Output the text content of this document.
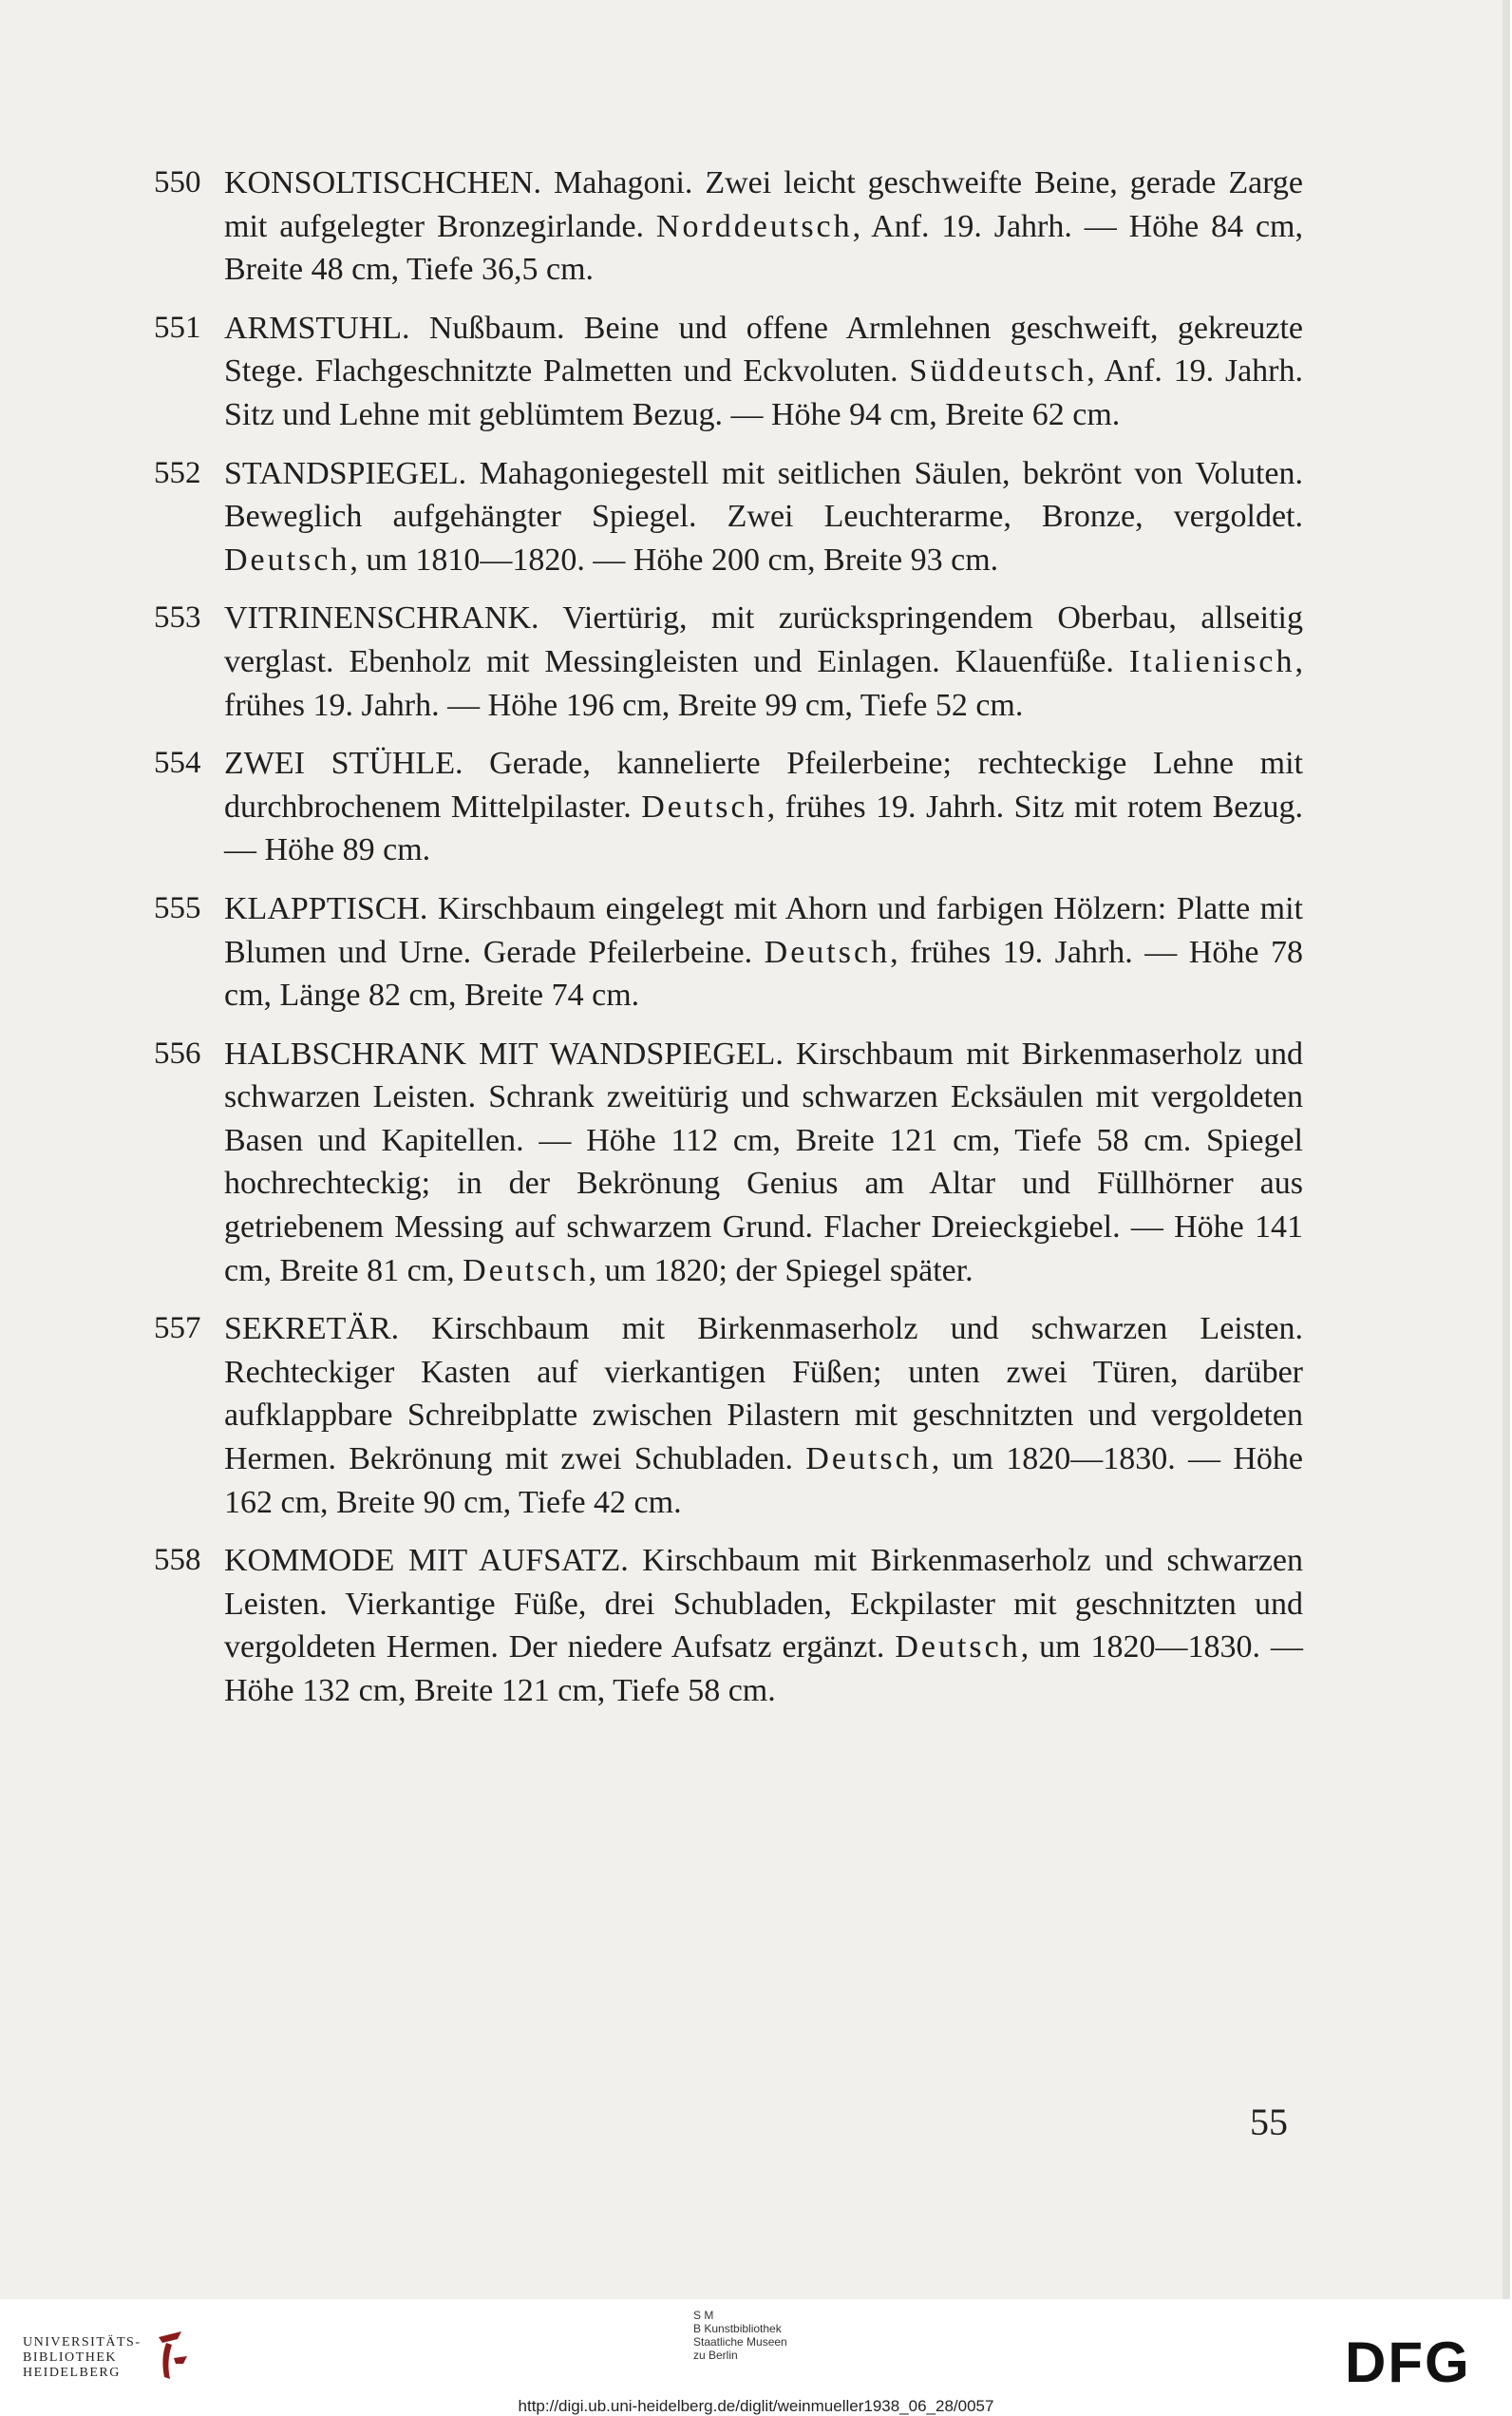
550 KONSOLTISCHCHEN. Mahagoni. Zwei leicht geschweifte Beine, gerade Zarge mit aufgelegter Bronzegirlande. Norddeutsch, Anf. 19. Jahrh. — Höhe 84 cm, Breite 48 cm, Tiefe 36,5 cm.
551 ARMSTUHL. Nußbaum. Beine und offene Armlehnen geschweift, gekreuzte Stege. Flachgeschnitzte Palmetten und Eckvoluten. Süddeutsch, Anf. 19. Jahrh. Sitz und Lehne mit geblümtem Bezug. — Höhe 94 cm, Breite 62 cm.
552 STANDSPIEGEL. Mahagoniegestell mit seitlichen Säulen, bekrönt von Voluten. Beweglich aufgehängter Spiegel. Zwei Leuchterarme, Bronze, vergoldet. Deutsch, um 1810—1820. — Höhe 200 cm, Breite 93 cm.
553 VITRINENSCHRANK. Viertürig, mit zurückspringendem Oberbau, allseitig verglast. Ebenholz mit Messingleisten und Einlagen. Klauenfüße. Italienisch, frühes 19. Jahrh. — Höhe 196 cm, Breite 99 cm, Tiefe 52 cm.
554 ZWEI STÜHLE. Gerade, kannelierte Pfeilerbeine; rechteckige Lehne mit durchbrochenem Mittelpilaster. Deutsch, frühes 19. Jahrh. Sitz mit rotem Bezug. — Höhe 89 cm.
555 KLAPPTISCH. Kirschbaum eingelegt mit Ahorn und farbigen Hölzern: Platte mit Blumen und Urne. Gerade Pfeilerbeine. Deutsch, frühes 19. Jahrh. — Höhe 78 cm, Länge 82 cm, Breite 74 cm.
556 HALBSCHRANK MIT WANDSPIEGEL. Kirschbaum mit Birkenmaserholz und schwarzen Leisten. Schrank zweitürig und schwarzen Ecksäulen mit vergoldeten Basen und Kapitellen. — Höhe 112 cm, Breite 121 cm, Tiefe 58 cm. Spiegel hochrechteckig; in der Bekrönung Genius am Altar und Füllhörner aus getriebenem Messing auf schwarzem Grund. Flacher Dreieckgiebel. — Höhe 141 cm, Breite 81 cm, Deutsch, um 1820; der Spiegel später.
557 SEKRETÄR. Kirschbaum mit Birkenmaserholz und schwarzen Leisten. Rechteckiger Kasten auf vierkantigen Füßen; unten zwei Türen, darüber aufklappbare Schreibplatte zwischen Pilastern mit geschnitzten und vergoldeten Hermen. Bekrönung mit zwei Schubladen. Deutsch, um 1820—1830. — Höhe 162 cm, Breite 90 cm, Tiefe 42 cm.
558 KOMMODE MIT AUFSATZ. Kirschbaum mit Birkenmaserholz und schwarzen Leisten. Vierkantige Füße, drei Schubladen, Eckpilaster mit geschnitzten und vergoldeten Hermen. Der niedere Aufsatz ergänzt. Deutsch, um 1820—1830. — Höhe 132 cm, Breite 121 cm, Tiefe 58 cm.
55
UNIVERSITÄTS-
BIBLIOTHEK
HEIDELBERG
S M
B Kunstbibliothek
Staatliche Museen
zu Berlin	DFG
http://digi.ub.uni-heidelberg.de/diglit/weinmueller1938_06_28/0057
